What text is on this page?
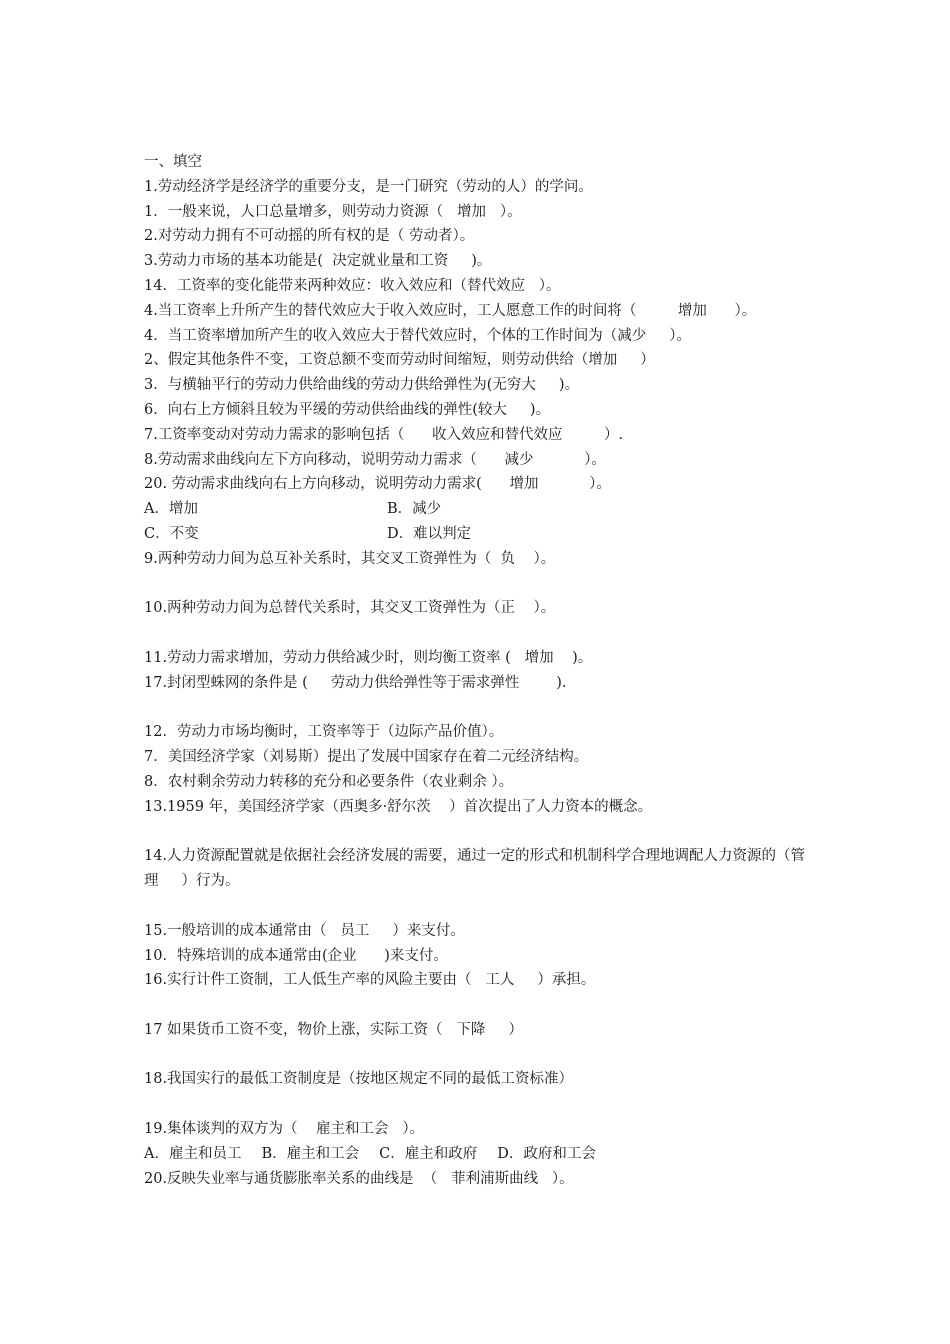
一、填空
1.劳动经济学是经济学的重要分支，是一门研究（劳动的人）的学问。
1．一般来说，人口总量增多，则劳动力资源（   增加   ）。
2.对劳动力拥有不可动摇的所有权的是（ 劳动者）。
3.劳动力市场的基本功能是(  决定就业量和工资     )。
14．工资率的变化能带来两种效应：收入效应和（替代效应   ）。
4.当工资率上升所产生的替代效应大于收入效应时，工人愿意工作的时间将（         增加      ）。
4．当工资率增加所产生的收入效应大于替代效应时，个体的工作时间为（减少     ）。
2、假定其他条件不变，工资总额不变而劳动时间缩短，则劳动供给（增加     ）
3．与横轴平行的劳动力供给曲线的劳动力供给弹性为(无穷大     )。
6．向右上方倾斜且较为平缓的劳动供给曲线的弹性(较大     )。
7.工资率变动对劳动力需求的影响包括（      收入效应和替代效应         ）.
8.劳动需求曲线向左下方向移动，说明劳动力需求（      减少           ）。
20. 劳动需求曲线向右上方向移动，说明劳动力需求(      增加           ）。
A．增加	B．减少
C．不变	D．难以判定
9.两种劳动力间为总互补关系时，其交叉工资弹性为（  负    ）。
10.两种劳动力间为总替代关系时，其交叉工资弹性为（正    ）。
11.劳动力需求增加，劳动力供给减少时，则均衡工资率 (   增加    )。
17.封闭型蛛网的条件是 (     劳动力供给弹性等于需求弹性        ).
12．劳动力市场均衡时，工资率等于（边际产品价值）。
7．美国经济学家（刘易斯）提出了发展中国家存在着二元经济结构。
8．农村剩余劳动力转移的充分和必要条件（农业剩余 ）。
13.1959 年，美国经济学家（西奥多·舒尔茨    ）首次提出了人力资本的概念。
14.人力资源配置就是依据社会经济发展的需要，通过一定的形式和机制科学合理地调配人力资源的（管理     ）行为。
15.一般培训的成本通常由（   员工     ）来支付。
10．特殊培训的成本通常由(企业      )来支付。
16.实行计件工资制，工人低生产率的风险主要由（   工人     ）承担。
17 如果货币工资不变，物价上涨，实际工资（   下降     ）
18.我国实行的最低工资制度是（按地区规定不同的最低工资标准）
19.集体谈判的双方为（    雇主和工会   ）。
A．雇主和员工 B．雇主和工会 C．雇主和政府 D．政府和工会
20.反映失业率与通货膨胀率关系的曲线是  （   菲利浦斯曲线   ）。
